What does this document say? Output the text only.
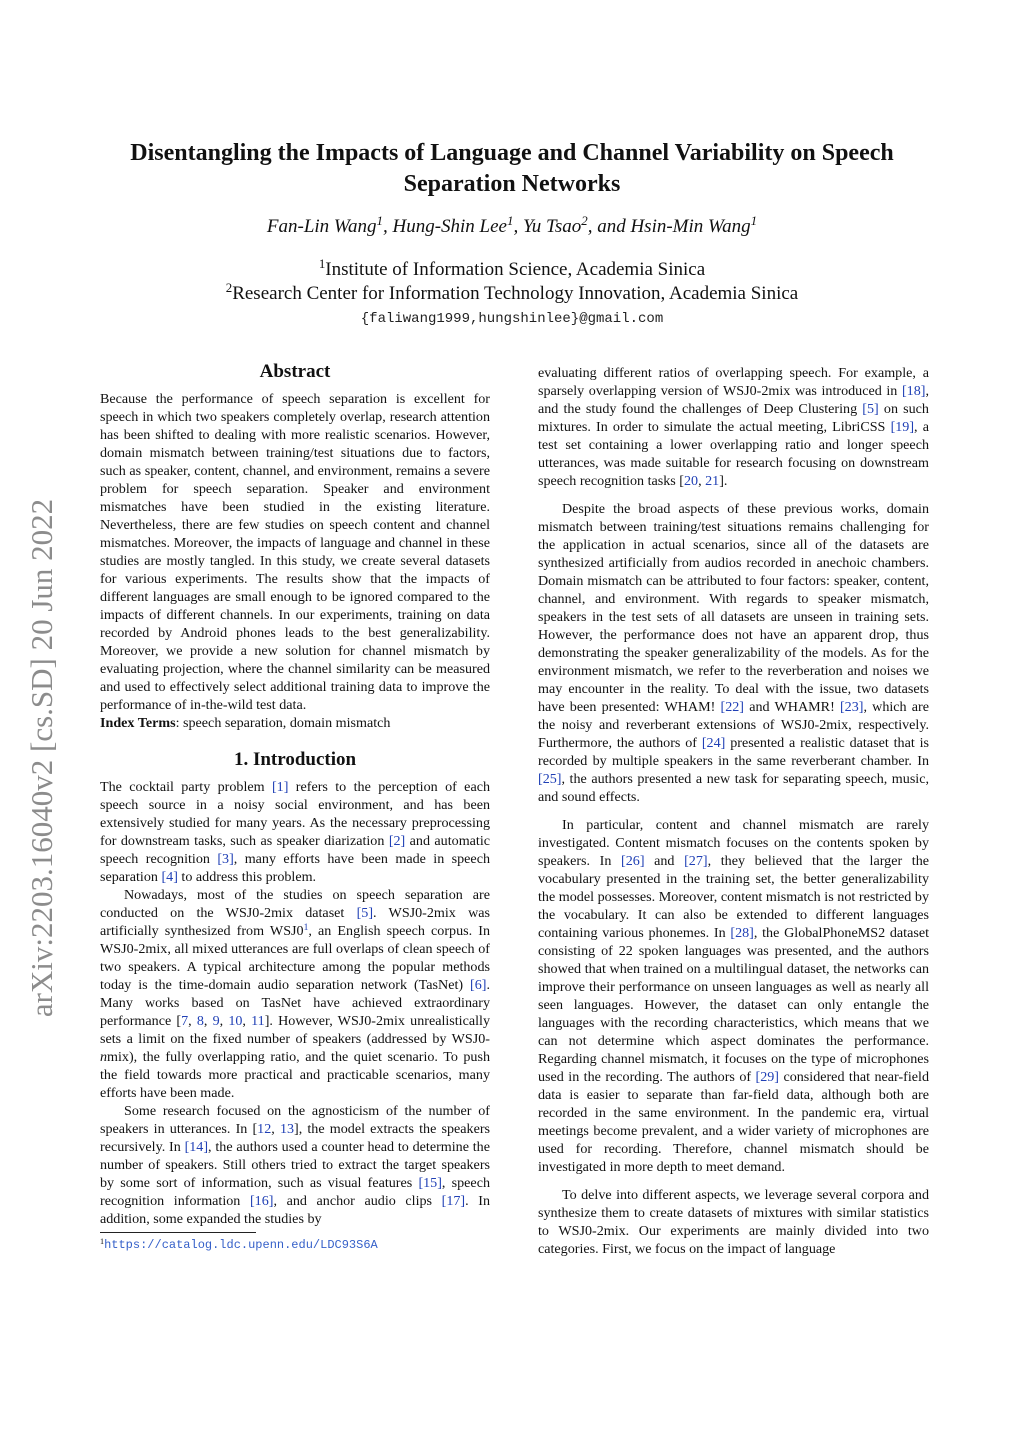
arXiv:2203.16040v2 [cs.SD] 20 Jun 2022
Disentangling the Impacts of Language and Channel Variability on Speech Separation Networks
Fan-Lin Wang$^1$, Hung-Shin Lee$^1$, Yu Tsao$^2$, and Hsin-Min Wang$^1$
$^1$Institute of Information Science, Academia Sinica
$^2$Research Center for Information Technology Innovation, Academia Sinica
{faliwang1999,hungshinlee}@gmail.com
Abstract

Because the performance of speech separation is excellent for speech in which two speakers completely overlap, research attention has been shifted to dealing with more realistic scenarios. However, domain mismatch between training/test situations due to factors, such as speaker, content, channel, and environment, remains a severe problem for speech separation. Speaker and environment mismatches have been studied in the existing literature. Nevertheless, there are few studies on speech content and channel mismatches. Moreover, the impacts of language and channel in these studies are mostly tangled. In this study, we create several datasets for various experiments. The results show that the impacts of different languages are small enough to be ignored compared to the impacts of different channels. In our experiments, training on data recorded by Android phones leads to the best generalizability. Moreover, we provide a new solution for channel mismatch by evaluating projection, where the channel similarity can be measured and used to effectively select additional training data to improve the performance of in-the-wild test data.

Index Terms: speech separation, domain mismatch

1. Introduction

The cocktail party problem [1] refers to the perception of each speech source in a noisy social environment, and has been extensively studied for many years. As the necessary preprocessing for downstream tasks, such as speaker diarization [2] and automatic speech recognition [3], many efforts have been made in speech separation [4] to address this problem.

Nowadays, most of the studies on speech separation are conducted on the WSJ0-2mix dataset [5]. WSJ0-2mix was artificially synthesized from WSJ0$^1$, an English speech corpus. In WSJ0-2mix, all mixed utterances are full overlaps of clean speech of two speakers. A typical architecture among the popular methods today is the time-domain audio separation network (TasNet) [6]. Many works based on TasNet have achieved extraordinary performance [7, 8, 9, 10, 11]. However, WSJ0-2mix unrealistically sets a limit on the fixed number of speakers (addressed by WSJ0-nmix), the fully overlapping ratio, and the quiet scenario. To push the field towards more practical and practicable scenarios, many efforts have been made.

Some research focused on the agnosticism of the number of speakers in utterances. In [12, 13], the model extracts the speakers recursively. In [14], the authors used a counter head to determine the number of speakers. Still others tried to extract the target speakers by some sort of information, such as visual features [15], speech recognition information [16], and anchor audio clips [17]. In addition, some expanded the studies by

$^1$https://catalog.ldc.upenn.edu/LDC93S6A

evaluating different ratios of overlapping speech. For example, a sparsely overlapping version of WSJ0-2mix was introduced in [18], and the study found the challenges of Deep Clustering [5] on such mixtures. In order to simulate the actual meeting, LibriCSS [19], a test set containing a lower overlapping ratio and longer speech utterances, was made suitable for research focusing on downstream speech recognition tasks [20, 21].

Despite the broad aspects of these previous works, domain mismatch between training/test situations remains challenging for the application in actual scenarios, since all of the datasets are synthesized artificially from audios recorded in anechoic chambers. Domain mismatch can be attributed to four factors: speaker, content, channel, and environment. With regards to speaker mismatch, speakers in the test sets of all datasets are unseen in training sets. However, the performance does not have an apparent drop, thus demonstrating the speaker generalizability of the models. As for the environment mismatch, we refer to the reverberation and noises we may encounter in the reality. To deal with the issue, two datasets have been presented: WHAM! [22] and WHAMR! [23], which are the noisy and reverberant extensions of WSJ0-2mix, respectively. Furthermore, the authors of [24] presented a realistic dataset that is recorded by multiple speakers in the same reverberant chamber. In [25], the authors presented a new task for separating speech, music, and sound effects.

In particular, content and channel mismatch are rarely investigated. Content mismatch focuses on the contents spoken by speakers. In [26] and [27], they believed that the larger the vocabulary presented in the training set, the better generalizability the model possesses. Moreover, content mismatch is not restricted by the vocabulary. It can also be extended to different languages containing various phonemes. In [28], the GlobalPhoneMS2 dataset consisting of 22 spoken languages was presented, and the authors showed that when trained on a multilingual dataset, the networks can improve their performance on unseen languages as well as nearly all seen languages. However, the dataset can only entangle the languages with the recording characteristics, which means that we can not determine which aspect dominates the performance. Regarding channel mismatch, it focuses on the type of microphones used in the recording. The authors of [29] considered that near-field data is easier to separate than far-field data, although both are recorded in the same environment. In the pandemic era, virtual meetings become prevalent, and a wider variety of microphones are used for recording. Therefore, channel mismatch should be investigated in more depth to meet demand.

To delve into different aspects, we leverage several corpora and synthesize them to create datasets of mixtures with similar statistics to WSJ0-2mix. Our experiments are mainly divided into two categories. First, we focus on the impact of language
